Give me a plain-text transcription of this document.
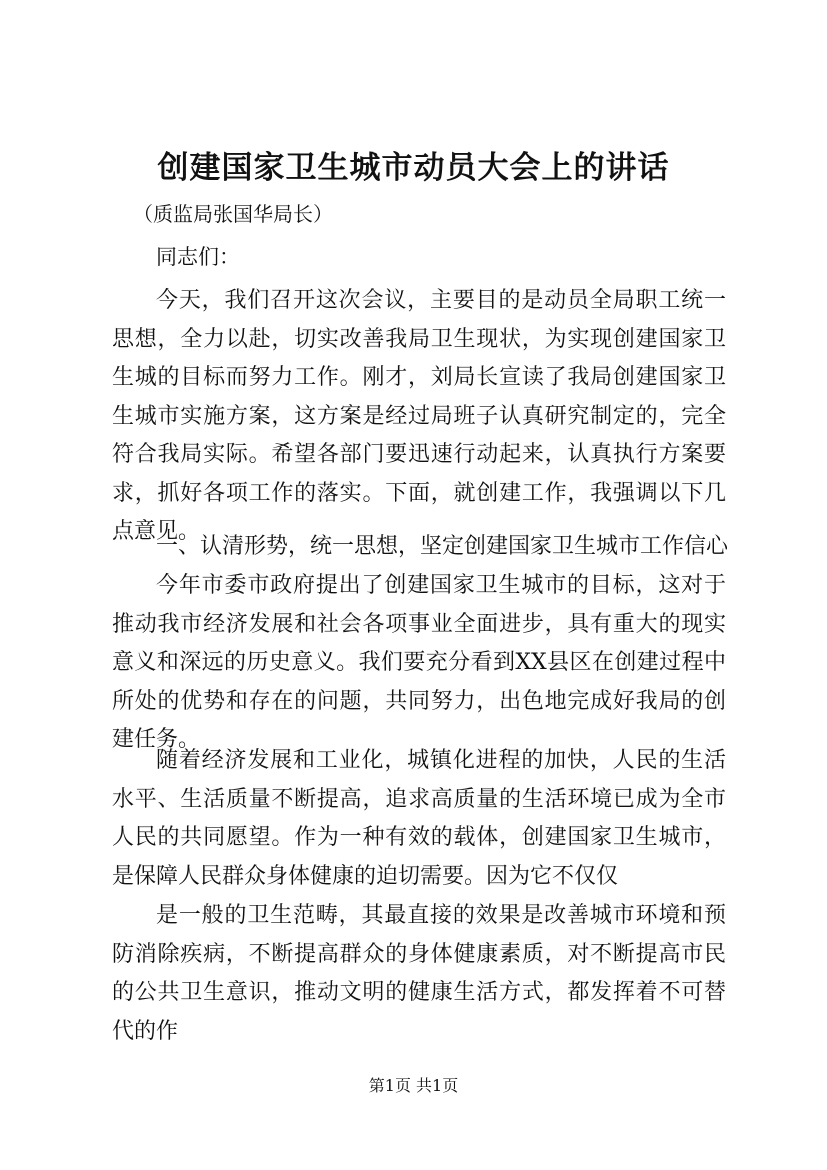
创建国家卫生城市动员大会上的讲话
（质监局张国华局长）
同志们：

今天，我们召开这次会议，主要目的是动员全局职工统一思想，全力以赴，切实改善我局卫生现状，为实现创建国家卫生城的目标而努力工作。刚才，刘局长宣读了我局创建国家卫生城市实施方案，这方案是经过局班子认真研究制定的，完全符合我局实际。希望各部门要迅速行动起来，认真执行方案要求，抓好各项工作的落实。下面，就创建工作，我强调以下几点意见。

一、认清形势，统一思想，坚定创建国家卫生城市工作信心

今年市委市政府提出了创建国家卫生城市的目标，这对于推动我市经济发展和社会各项事业全面进步，具有重大的现实意义和深远的历史意义。我们要充分看到XX县区在创建过程中所处的优势和存在的问题，共同努力，出色地完成好我局的创建任务。

随着经济发展和工业化，城镇化进程的加快，人民的生活水平、生活质量不断提高，追求高质量的生活环境已成为全市人民的共同愿望。作为一种有效的载体，创建国家卫生城市，是保障人民群众身体健康的迫切需要。因为它不仅仅

是一般的卫生范畴，其最直接的效果是改善城市环境和预防消除疾病，不断提高群众的身体健康素质，对不断提高市民的公共卫生意识，推动文明的健康生活方式，都发挥着不可替代的作

第1页 共1页
